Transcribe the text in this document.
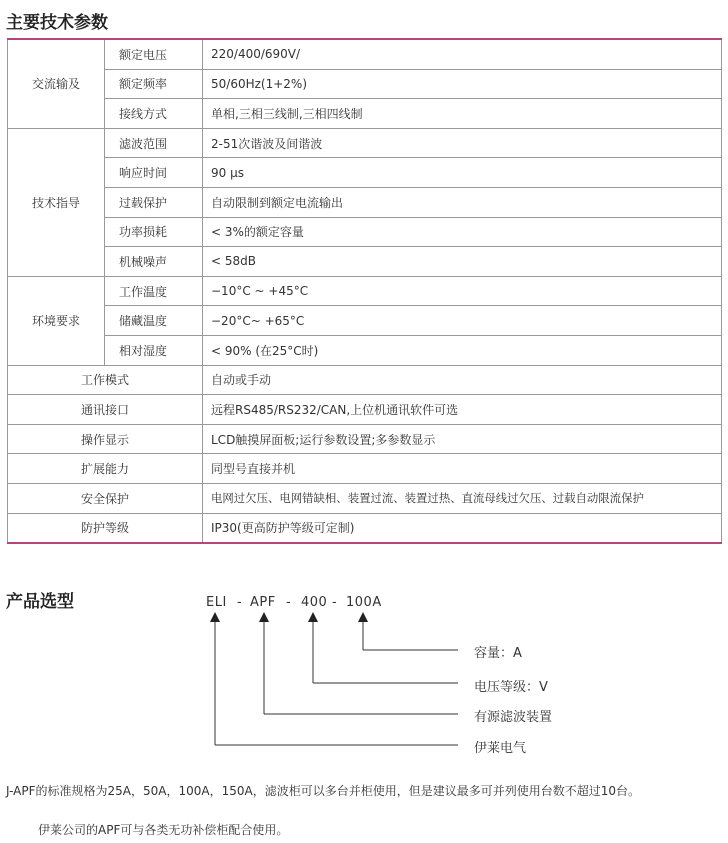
主要技术参数
交流输及	额定电压	220/400/690V/
	额定频率	50/60Hz(1+2%)
	接线方式	单相,三相三线制,三相四线制
技术指导	滤波范围	2-51次谐波及间谐波
	响应时间	90 μs
	过载保护	自动限制到额定电流输出
	功率损耗	< 3%的额定容量
	机械噪声	< 58dB
环境要求	工作温度	−10°C ~ +45°C
	储藏温度	−20°C~ +65°C
	相对湿度	< 90% (在25°C时)
工作模式		自动或手动
通讯接口		远程RS485/RS232/CAN,上位机通讯软件可选
操作显示		LCD触摸屏面板;运行参数设置;多参数显示
扩展能力		同型号直接并机
安全保护		电网过欠压、电网错缺相、装置过流、装置过热、直流母线过欠压、过载自动限流保护
防护等级		IP30(更高防护等级可定制)
产品选型	ELI - APF - 400 - 100A
容量：A
电压等级：V
有源滤波装置
伊莱电气
J-APF的标准规格为25A，50A，100A，150A，滤波柜可以多台并柜使用，但是建议最多可并列使用台数不超过10台。
伊莱公司的APF可与各类无功补偿柜配合使用。
